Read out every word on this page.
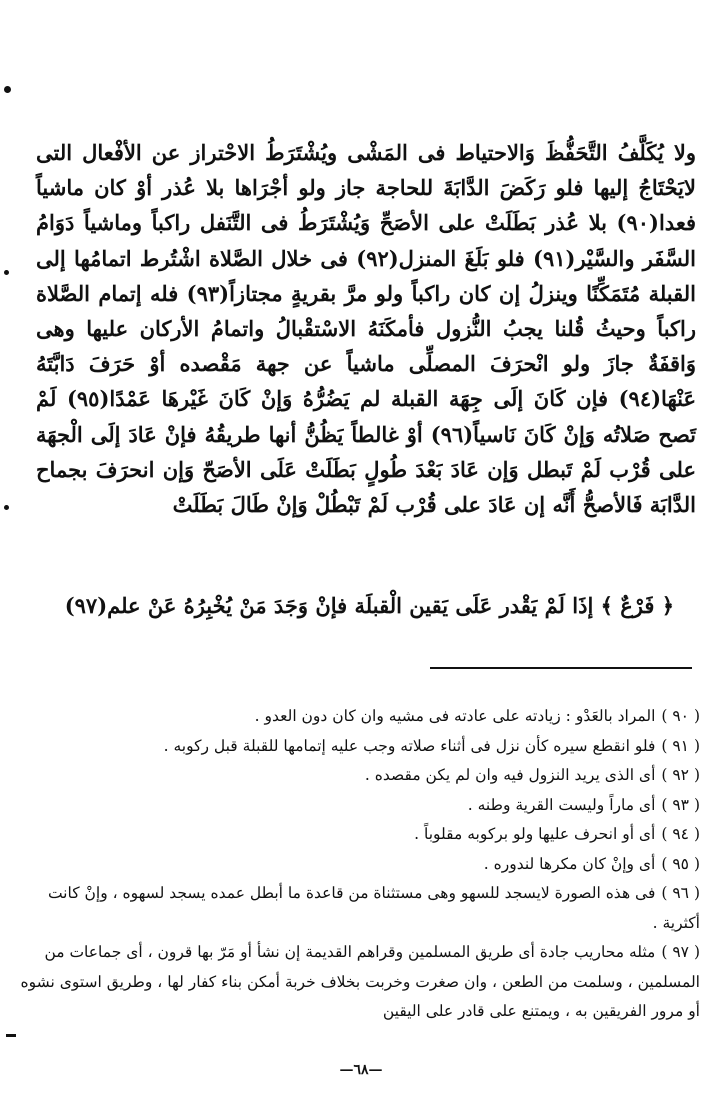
ولا يُكَلَّفُ التَّحَفُّظَ وَالاحتياط فى المَشْى ويُشْتَرَطُ الاحْتراز عن الأفْعال التى لايَحْتَاجُ إليها فلو رَكَضَ الدَّابَةَ للحاجة جاز ولو أجْرَاها بلا عُذر أوْ كان ماشياً فعدا(٩٠) بلا عُذر بَطَلَتْ على الأصَحِّ وَيُشْتَرَطُ فى التَّنَفل راكباً وماشياً دَوَامُ السَّفَر والسَّيْر(٩١) فلو بَلَغَ المنزل(٩٢) فى خلال الصَّلاة اشْتُرط اتمامُها إلى القبلة مُتَمَكِّنًا وينزلُ إن كان راكباً ولو مرَّ بقريةٍ مجتازاً(٩٣) فله إتمام الصَّلاة راكباً وحيثُ قُلنا يجبُ النُّزول فأمكَنَهُ الاسْتقْبالُ واتمامُ الأركان عليها وهى وَاقفَةٌ جازَ ولو انْحرَفَ المصلِّى ماشياً عن جهة مَقْصده أوْ حَرَفَ دَابَّتَهُ عَنْهَا(٩٤) فإن كَانَ إلَى جِهَة القبلة لم يَضُرُّهُ وَإنْ كَانَ غَيْرهَا عَمْدًا(٩٥) لَمْ تَصح صَلاتُه وَإنْ كَانَ نَاسياً(٩٦) أوْ غالطاً يَظُنُّ أنها طريقُهُ فإنْ عَادَ إلَى الْجهَة على قُرْب لَمْ تَبطل وَإن عَادَ بَعْدَ طُولٍ بَطَلَتْ عَلَى الأصَحّ وَإن انحرَفَ بجماح الدَّابَة فَالأصحُّ أَنَّه إن عَادَ على قُرْب لَمْ تَبْطُلْ وَإنْ طَالَ بَطَلَتْ

﴿ فَرْعٌ ﴾ إذَا لَمْ يَقْدر عَلَى يَقين الْقبلَة فإنْ وَجَدَ مَنْ يُخْبِرُهُ عَنْ علم(٩٧)

( ٩٠ )المراد بالعَدْو : زيادته على عادته فى مشيه وان كان دون العدو .

( ٩١ )فلو انقطع سيره كأن نزل فى أثناء صلاته وجب عليه إتمامها للقبلة قبل ركوبه .

( ٩٢ )أى الذى يريد النزول فيه وان لم يكن مقصده .

( ٩٣ )أى ماراً وليست القرية وطنه .

( ٩٤ )أى أو انحرف عليها ولو بركوبه مقلوباً .

( ٩٥ )أى وإنْ كان مكرها لندوره .

( ٩٦ )فى هذه الصورة لايسجد للسهو وهى مستثناة من قاعدة ما أبطل عمده يسجد لسهوه ، وإنْ كانت أكثرية .

( ٩٧ )مثله محاريب جادة أى طريق المسلمين وقراهم القديمة إن نشأ أو مَرّ بها قرون ، أى جماعات من المسلمين ، وسلمت من الطعن ، وان صغرت وخربت بخلاف خربة أمكن بناء كفار لها ، وطريق استوى نشوه أو مرور الفريقين به ، ويمتنع على قادر على اليقين

—٦٨—
